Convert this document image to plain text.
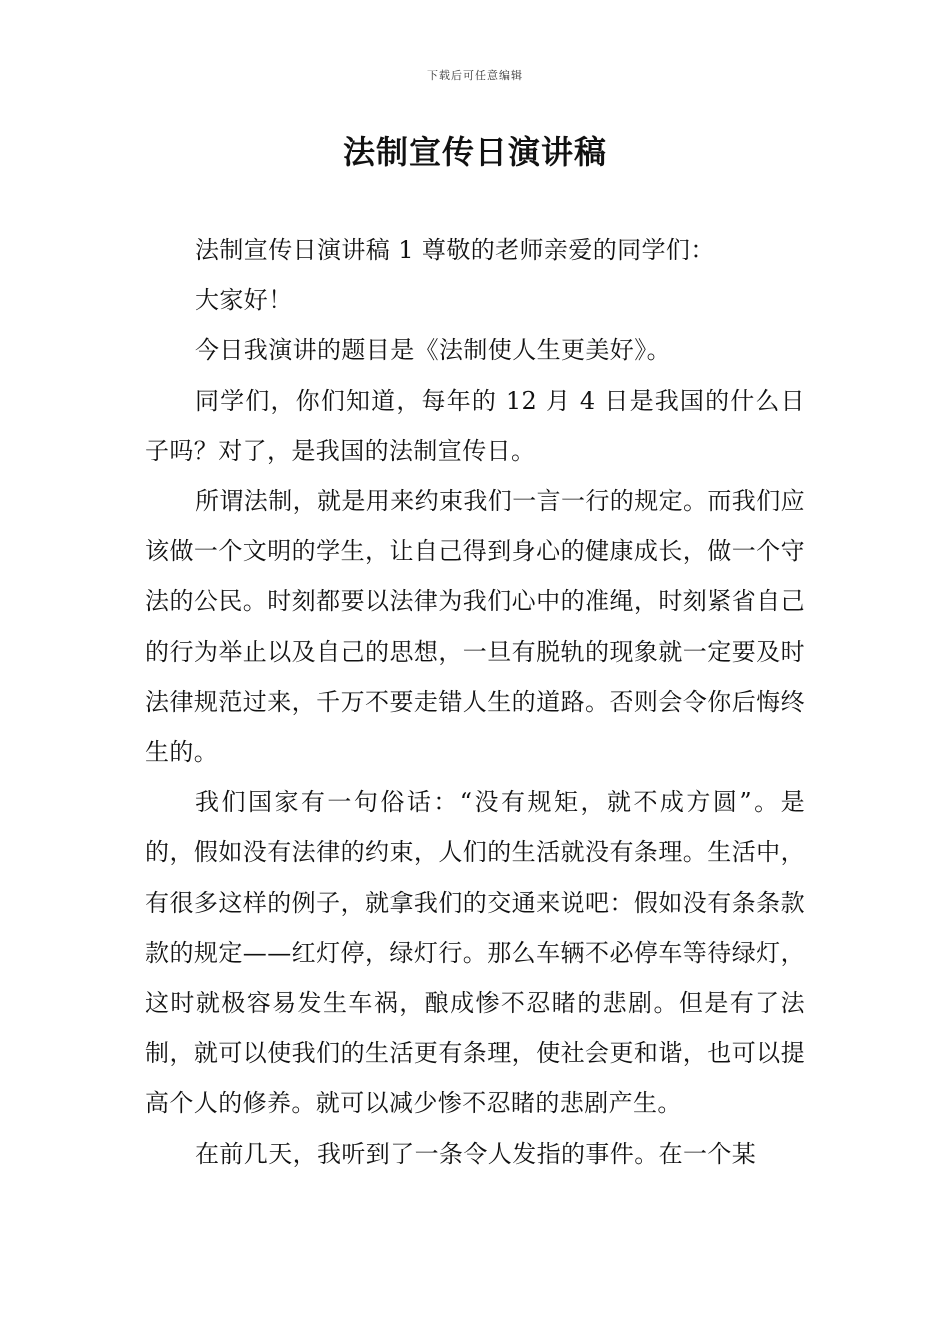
下载后可任意编辑
法制宣传日演讲稿

法制宣传日演讲稿 1 尊敬的老师亲爱的同学们：

大家好！

今日我演讲的题目是《法制使人生更美好》。

同学们，你们知道，每年的 12 月 4 日是我国的什么日子吗？对了，是我国的法制宣传日。

所谓法制，就是用来约束我们一言一行的规定。而我们应该做一个文明的学生，让自己得到身心的健康成长，做一个守法的公民。时刻都要以法律为我们心中的准绳，时刻紧省自己的行为举止以及自己的思想，一旦有脱轨的现象就一定要及时法律规范过来，千万不要走错人生的道路。否则会令你后悔终生的。

我们国家有一句俗话：“没有规矩，就不成方圆”。是的，假如没有法律的约束，人们的生活就没有条理。生活中，有很多这样的例子，就拿我们的交通来说吧：假如没有条条款款的规定——红灯停，绿灯行。那么车辆不必停车等待绿灯，这时就极容易发生车祸，酿成惨不忍睹的悲剧。但是有了法制，就可以使我们的生活更有条理，使社会更和谐，也可以提高个人的修养。就可以减少惨不忍睹的悲剧产生。

在前几天，我听到了一条令人发指的事件。在一个某
